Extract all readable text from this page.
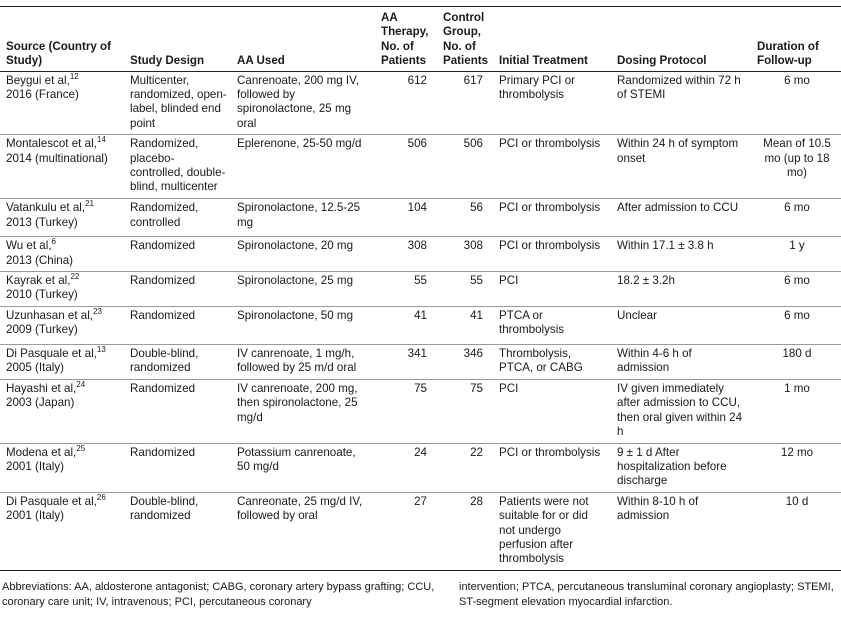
Source (Country of Study)	Study Design	AA Used	AA Therapy, No. of Patients	Control Group, No. of Patients	Initial Treatment	Dosing Protocol	Duration of Follow-up
Beygui et al,$^{12}$
2016 (France)	Multicenter, randomized, open-label, blinded end point	Canrenoate, 200 mg IV, followed by spironolactone, 25 mg oral	612	617	Primary PCI or thrombolysis	Randomized within 72 h of STEMI	6 mo
Montalescot et al,$^{14}$
2014 (multinational)	Randomized, placebo-controlled, double-blind, multicenter	Eplerenone, 25-50 mg/d	506	506	PCI or thrombolysis	Within 24 h of symptom onset	Mean of 10.5 mo (up to 18 mo)
Vatankulu et al,$^{21}$
2013 (Turkey)	Randomized, controlled	Spironolactone, 12.5-25 mg	104	56	PCI or thrombolysis	After admission to CCU	6 mo
Wu et al,$^6$
2013 (China)	Randomized	Spironolactone, 20 mg	308	308	PCI or thrombolysis	Within 17.1 ± 3.8 h	1 y
Kayrak et al,$^{22}$
2010 (Turkey)	Randomized	Spironolactone, 25 mg	55	55	PCI	18.2 ± 3.2h	6 mo
Uzunhasan et al,$^{23}$
2009 (Turkey)	Randomized	Spironolactone, 50 mg	41	41	PTCA or thrombolysis	Unclear	6 mo
Di Pasquale et al,$^{13}$
2005 (Italy)	Double-blind, randomized	IV canrenoate, 1 mg/h, followed by 25 m/d oral	341	346	Thrombolysis, PTCA, or CABG	Within 4-6 h of admission	180 d
Hayashi et al,$^{24}$
2003 (Japan)	Randomized	IV canrenoate, 200 mg, then spironolactone, 25 mg/d	75	75	PCI	IV given immediately after admission to CCU, then oral given within 24 h	1 mo
Modena et al,$^{25}$
2001 (Italy)	Randomized	Potassium canrenoate, 50 mg/d	24	22	PCI or thrombolysis	9 ± 1 d After hospitalization before discharge	12 mo
Di Pasquale et al,$^{26}$
2001 (Italy)	Double-blind, randomized	Canreonate, 25 mg/d IV, followed by oral	27	28	Patients were not suitable for or did not undergo perfusion after thrombolysis	Within 8-10 h of admission	10 d
Abbreviations: AA, aldosterone antagonist; CABG, coronary artery bypass grafting; CCU, coronary care unit; IV, intravenous; PCI, percutaneous coronary
intervention; PTCA, percutaneous transluminal coronary angioplasty; STEMI, ST-segment elevation myocardial infarction.
